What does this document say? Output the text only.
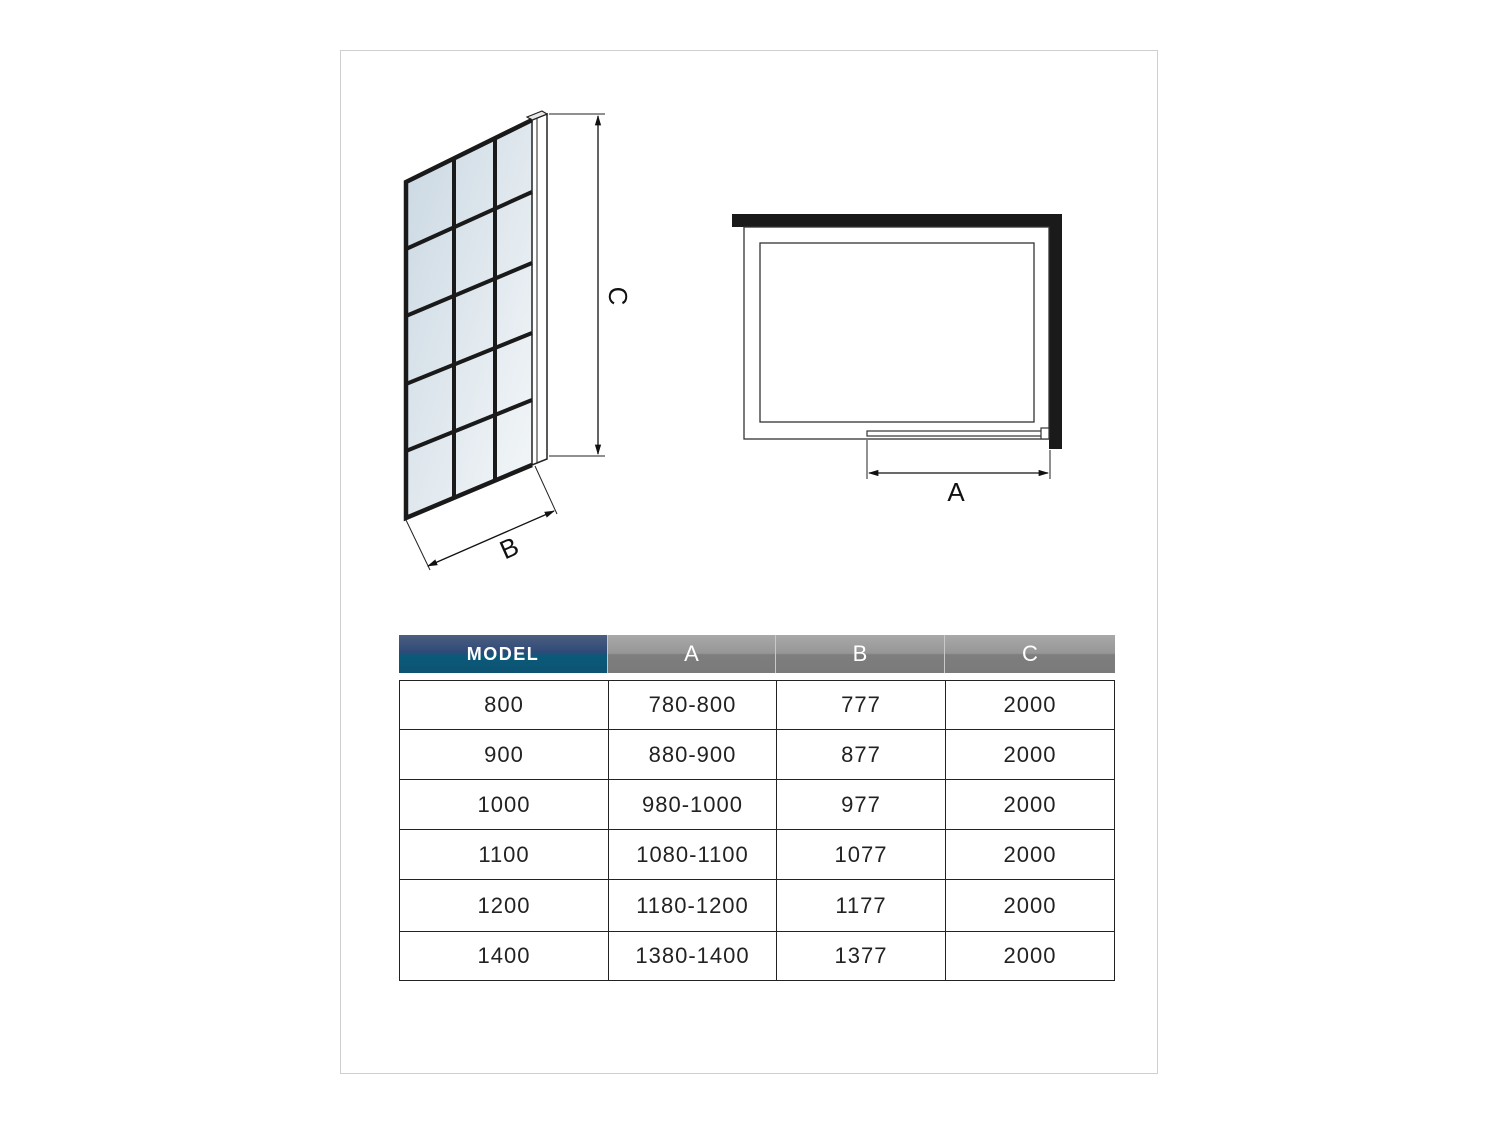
C
B
A
MODEL	A	B	C
800	780-800	777	2000
900	880-900	877	2000
1000	980-1000	977	2000
1100	1080-1100	1077	2000
1200	1180-1200	1177	2000
1400	1380-1400	1377	2000
